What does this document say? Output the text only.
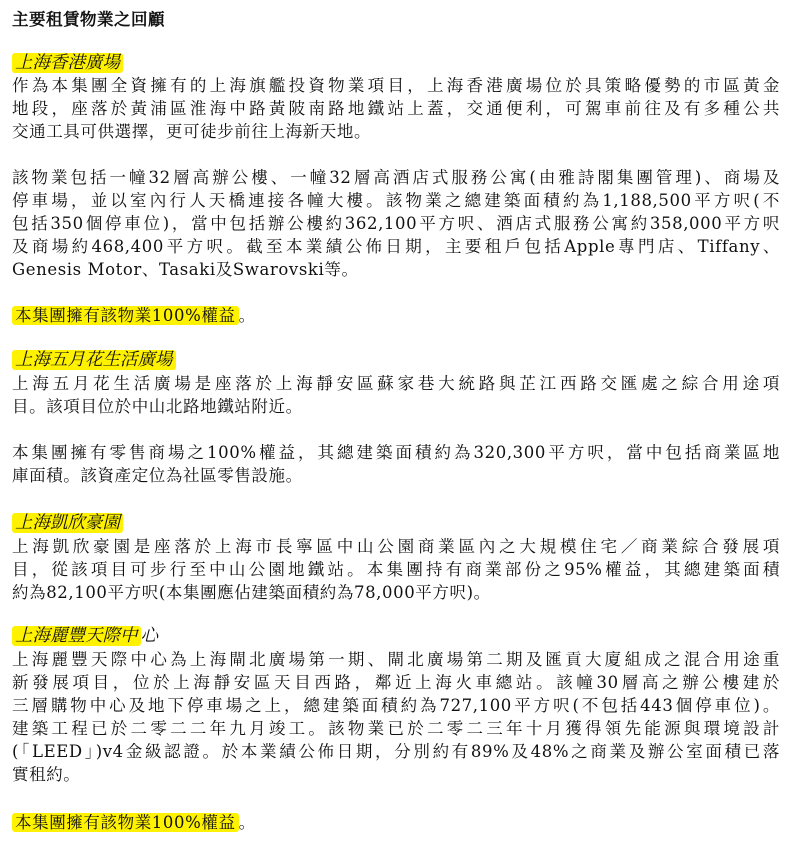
主要租賃物業之回顧
上海香港廣場
作為本集團全資擁有的上海旗艦投資物業項目，上海香港廣場位於具策略優勢的市區黃金
地段，座落於黃浦區淮海中路黃陂南路地鐵站上蓋，交通便利，可駕車前往及有多種公共
交通工具可供選擇，更可徒步前往上海新天地。
該物業包括一幢32層高辦公樓、一幢32層高酒店式服務公寓(由雅詩閣集團管理)、商場及
停車場，並以室內行人天橋連接各幢大樓。該物業之總建築面積約為1,188,500平方呎(不
包括350個停車位)，當中包括辦公樓約362,100平方呎、酒店式服務公寓約358,000平方呎
及商場約468,400平方呎。截至本業績公佈日期，主要租戶包括Apple專門店、Tiffany、
Genesis Motor、Tasaki及Swarovski等。
本集團擁有該物業100%權益 。
上海五月花生活廣場
上海五月花生活廣場是座落於上海靜安區蘇家巷大統路與芷江西路交匯處之綜合用途項
目。該項目位於中山北路地鐵站附近。
本集團擁有零售商場之100%權益，其總建築面積約為320,300平方呎，當中包括商業區地
庫面積。該資產定位為社區零售設施。
上海凱欣豪園
上海凱欣豪園是座落於上海市長寧區中山公園商業區內之大規模住宅／商業綜合發展項
目，從該項目可步行至中山公園地鐵站。本集團持有商業部份之95%權益，其總建築面積
約為82,100平方呎(本集團應佔建築面積約為78,000平方呎)。
上海麗豐天際中 心
上海麗豐天際中心為上海閘北廣場第一期、閘北廣場第二期及匯貢大廈組成之混合用途重
新發展項目，位於上海靜安區天目西路，鄰近上海火車總站。該幢30層高之辦公樓建於
三層購物中心及地下停車場之上，總建築面積約為727,100平方呎(不包括443個停車位)。
建築工程已於二零二二年九月竣工。該物業已於二零二三年十月獲得領先能源與環境設計
(「LEED」)v4金級認證。於本業績公佈日期，分別約有89%及48%之商業及辦公室面積已落
實租約。
本集團擁有該物業100%權益 。
